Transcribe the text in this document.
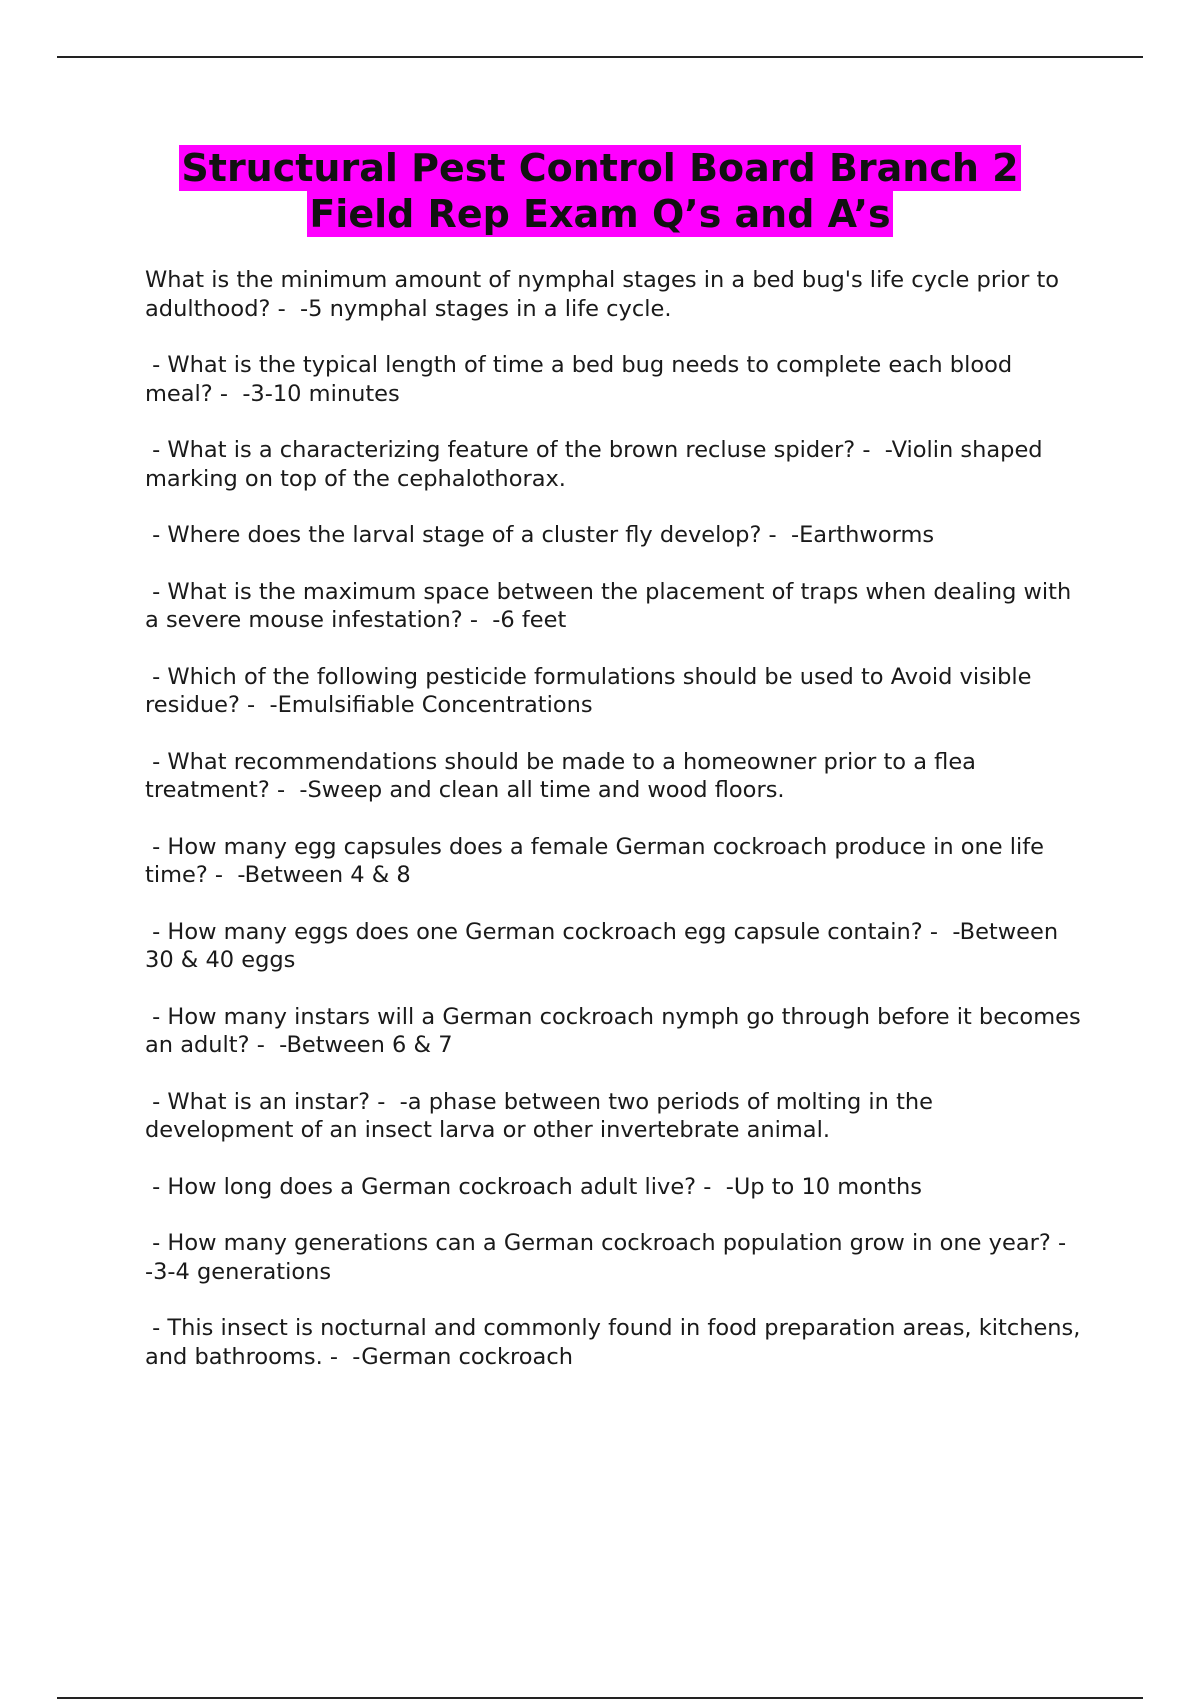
Structural Pest Control Board Branch 2
Field Rep Exam Q’s and A’s

What is the minimum amount of nymphal stages in a bed bug's life cycle prior to adulthood? -  -5 nymphal stages in a life cycle.

- What is the typical length of time a bed bug needs to complete each blood meal? -  -3-10 minutes

- What is a characterizing feature of the brown recluse spider? -  -Violin shaped marking on top of the cephalothorax.

- Where does the larval stage of a cluster fly develop? -  -Earthworms

- What is the maximum space between the placement of traps when dealing with a severe mouse infestation? -  -6 feet

- Which of the following pesticide formulations should be used to Avoid visible residue? -  -Emulsifiable Concentrations

- What recommendations should be made to a homeowner prior to a flea treatment? -  -Sweep and clean all time and wood floors.

- How many egg capsules does a female German cockroach produce in one life time? -  -Between 4 & 8

- How many eggs does one German cockroach egg capsule contain? -  -Between 30 & 40 eggs

- How many instars will a German cockroach nymph go through before it becomes an adult? -  -Between 6 & 7

- What is an instar? -  -a phase between two periods of molting in the development of an insect larva or other invertebrate animal.

- How long does a German cockroach adult live? -  -Up to 10 months

- How many generations can a German cockroach population grow in one year? -  -3-4 generations

- This insect is nocturnal and commonly found in food preparation areas, kitchens, and bathrooms. -  -German cockroach
